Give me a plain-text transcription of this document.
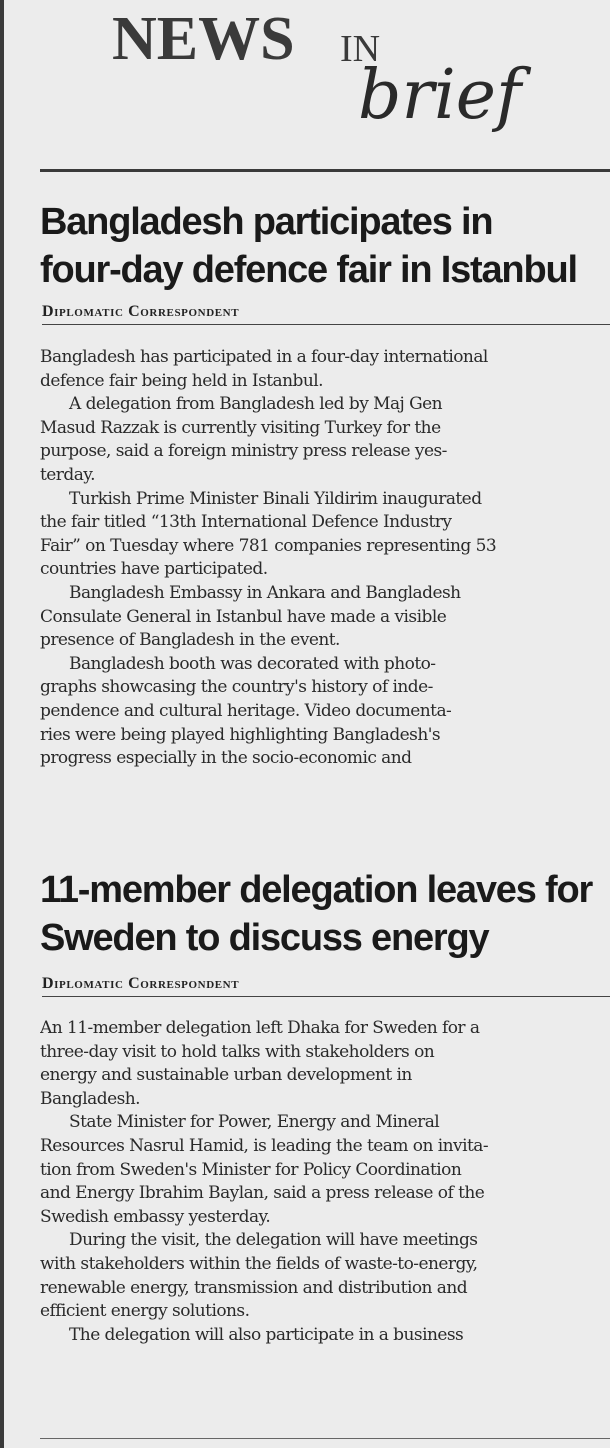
NEWS IN
brief
Bangladesh participates in
four-day defence fair in Istanbul
Diplomatic Correspondent

Bangladesh has participated in a four-day international

defence fair being held in Istanbul.

A delegation from Bangladesh led by Maj Gen

Masud Razzak is currently visiting Turkey for the

purpose, said a foreign ministry press release yes-

terday.

Turkish Prime Minister Binali Yildirim inaugurated

the fair titled “13th International Defence Industry

Fair” on Tuesday where 781 companies representing 53

countries have participated.

Bangladesh Embassy in Ankara and Bangladesh

Consulate General in Istanbul have made a visible

presence of Bangladesh in the event.

Bangladesh booth was decorated with photo-

graphs showcasing the country's history of inde-

pendence and cultural heritage. Video documenta-

ries were being played highlighting Bangladesh's

progress especially in the socio-economic and

11-member delegation leaves for
Sweden to discuss energy
Diplomatic Correspondent

An 11-member delegation left Dhaka for Sweden for a

three-day visit to hold talks with stakeholders on

energy and sustainable urban development in

Bangladesh.

State Minister for Power, Energy and Mineral

Resources Nasrul Hamid, is leading the team on invita-

tion from Sweden's Minister for Policy Coordination

and Energy Ibrahim Baylan, said a press release of the

Swedish embassy yesterday.

During the visit, the delegation will have meetings

with stakeholders within the fields of waste-to-energy,

renewable energy, transmission and distribution and

efficient energy solutions.

The delegation will also participate in a business
